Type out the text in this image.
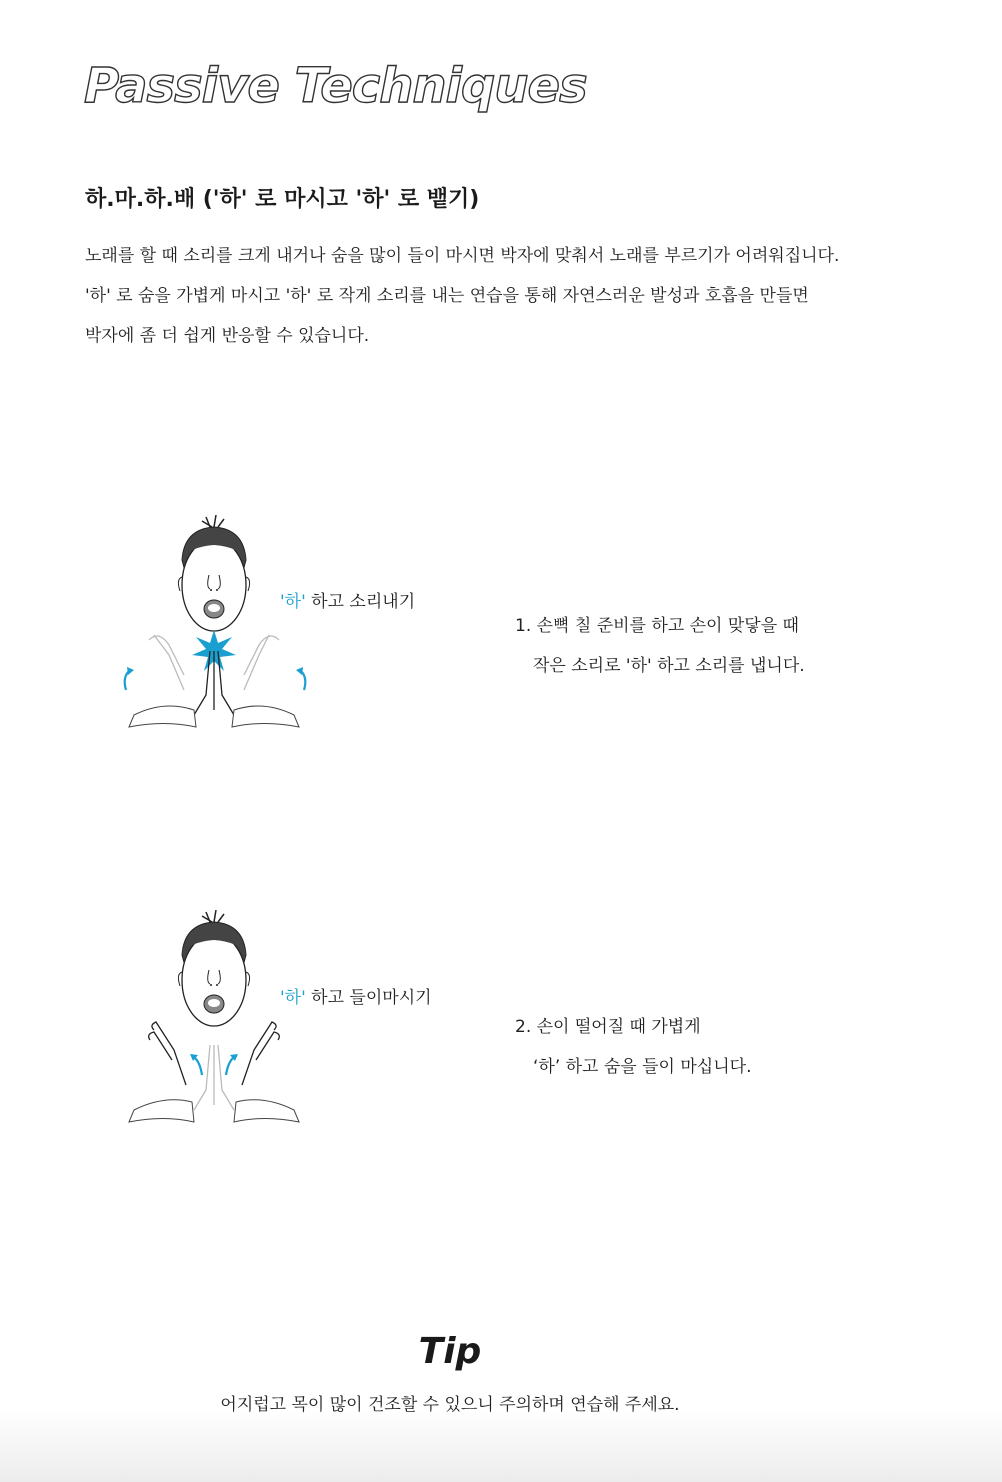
Passive Techniques
하.마.하.배 ('하' 로 마시고 '하' 로 뱉기)

노래를 할 때 소리를 크게 내거나 숨을 많이 들이 마시면 박자에 맞춰서 노래를 부르기가 어려워집니다.

'하' 로 숨을 가볍게 마시고 '하' 로 작게 소리를 내는 연습을 통해 자연스러운 발성과 호흡을 만들면

박자에 좀 더 쉽게 반응할 수 있습니다.

'하' 하고 소리내기

1. 손뼉 칠 준비를 하고 손이 맞닿을 때

작은 소리로 '하' 하고 소리를 냅니다.

'하' 하고 들이마시기

2. 손이 떨어질 때 가볍게

‘하’ 하고 숨을 들이 마십니다.

Tip
어지럽고 목이 많이 건조할 수 있으니 주의하며 연습해 주세요.
